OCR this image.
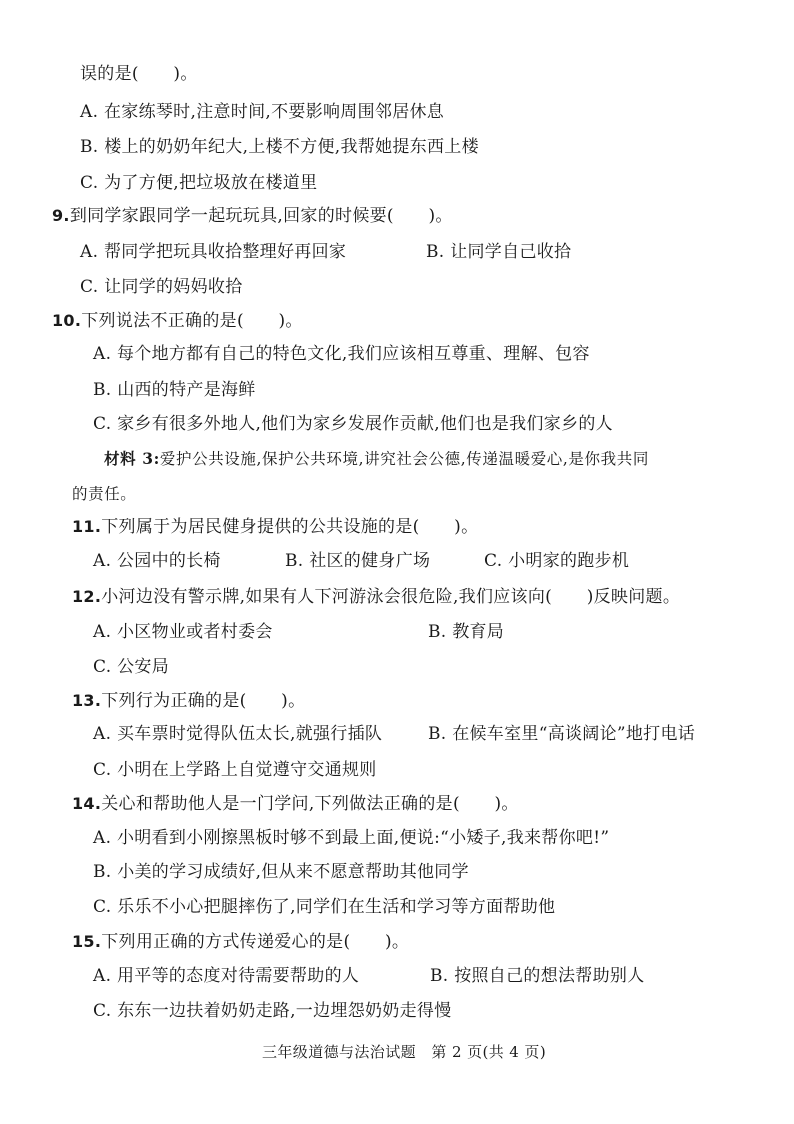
误的是(　　)。
A. 在家练琴时,注意时间,不要影响周围邻居休息
B. 楼上的奶奶年纪大,上楼不方便,我帮她提东西上楼
C. 为了方便,把垃圾放在楼道里
9.到同学家跟同学一起玩玩具,回家的时候要(　　)。
A. 帮同学把玩具收拾整理好再回家	B. 让同学自己收拾
C. 让同学的妈妈收拾
10.下列说法不正确的是(　　)。
A. 每个地方都有自己的特色文化,我们应该相互尊重、理解、包容
B. 山西的特产是海鲜
C. 家乡有很多外地人,他们为家乡发展作贡献,他们也是我们家乡的人
材料 3:爱护公共设施,保护公共环境,讲究社会公德,传递温暖爱心,是你我共同
的责任。
11.下列属于为居民健身提供的公共设施的是(　　)。
A. 公园中的长椅	B. 社区的健身广场	C. 小明家的跑步机
12.小河边没有警示牌,如果有人下河游泳会很危险,我们应该向(　　)反映问题。
A. 小区物业或者村委会	B. 教育局
C. 公安局
13.下列行为正确的是(　　)。
A. 买车票时觉得队伍太长,就强行插队	B. 在候车室里“高谈阔论”地打电话
C. 小明在上学路上自觉遵守交通规则
14.关心和帮助他人是一门学问,下列做法正确的是(　　)。
A. 小明看到小刚擦黑板时够不到最上面,便说:“小矮子,我来帮你吧!”
B. 小美的学习成绩好,但从来不愿意帮助其他同学
C. 乐乐不小心把腿摔伤了,同学们在生活和学习等方面帮助他
15.下列用正确的方式传递爱心的是(　　)。
A. 用平等的态度对待需要帮助的人	B. 按照自己的想法帮助别人
C. 东东一边扶着奶奶走路,一边埋怨奶奶走得慢
三年级道德与法治试题　第 2 页(共 4 页)
